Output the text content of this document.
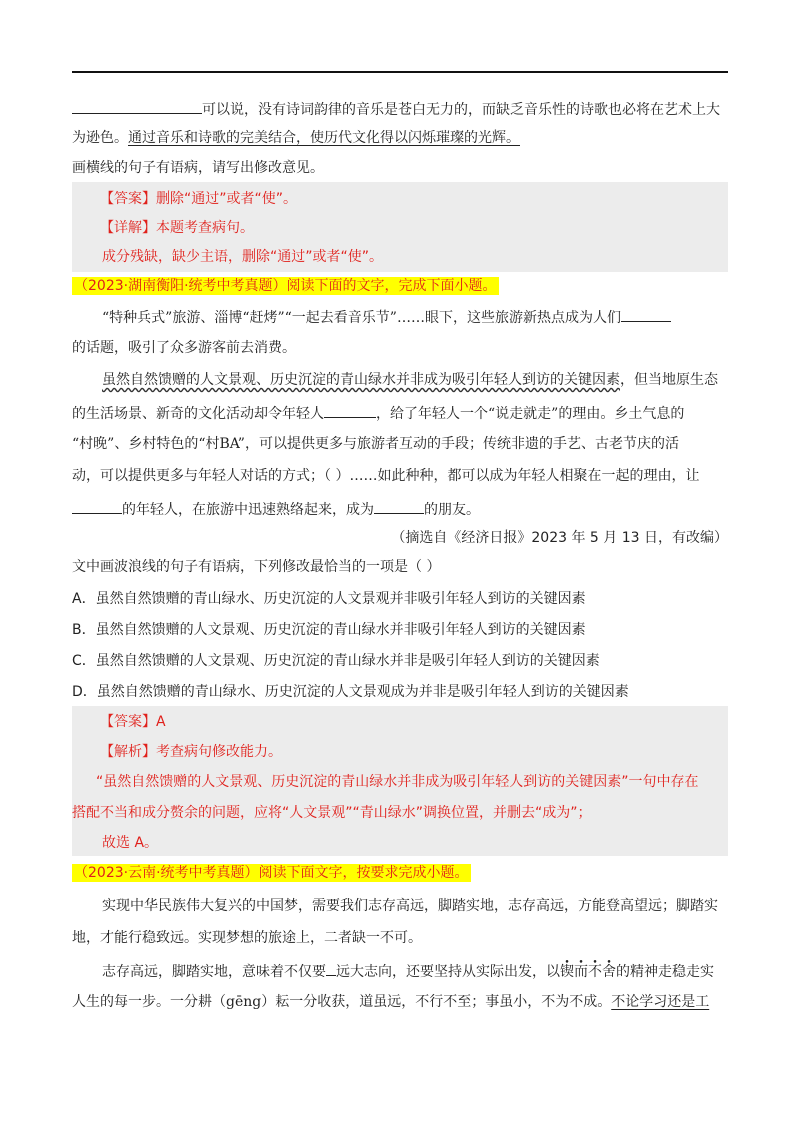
可以说，没有诗词韵律的音乐是苍白无力的，而缺乏音乐性的诗歌也必将在艺术上大
为逊色。通过音乐和诗歌的完美结合，使历代文化得以闪烁璀璨的光辉。
画横线的句子有语病，请写出修改意见。
【答案】删除“通过”或者“使”。
【详解】本题考查病句。
成分残缺，缺少主语，删除“通过”或者“使”。
（2023·湖南衡阳·统考中考真题）阅读下面的文字，完成下面小题。
“特种兵式”旅游、淄博“赶烤”“一起去看音乐节”……眼下，这些旅游新热点成为人们
的话题，吸引了众多游客前去消费。
虽然自然馈赠的人文景观、历史沉淀的青山绿水并非成为吸引年轻人到访的关键因素，但当地原生态
的生活场景、新奇的文化活动却令年轻人	，给了年轻人一个“说走就走”的理由。乡土气息的
“村晚”、乡村特色的“村BA”，可以提供更多与旅游者互动的手段；传统非遗的手艺、古老节庆的活
动，可以提供更多与年轻人对话的方式；（ ）……如此种种，都可以成为年轻人相聚在一起的理由，让
的年轻人，在旅游中迅速熟络起来，成为	的朋友。
（摘选自《经济日报》2023 年 5 月 13 日，有改编）
文中画波浪线的句子有语病，下列修改最恰当的一项是（ ）
A．虽然自然馈赠的青山绿水、历史沉淀的人文景观并非吸引年轻人到访的关键因素
B．虽然自然馈赠的人文景观、历史沉淀的青山绿水并非吸引年轻人到访的关键因素
C．虽然自然馈赠的人文景观、历史沉淀的青山绿水并非是吸引年轻人到访的关键因素
D．虽然自然馈赠的青山绿水、历史沉淀的人文景观成为并非是吸引年轻人到访的关键因素
【答案】A
【解析】考查病句修改能力。
“虽然自然馈赠的人文景观、历史沉淀的青山绿水并非成为吸引年轻人到访的关键因素”一句中存在
搭配不当和成分赘余的问题，应将“人文景观”“青山绿水”调换位置，并删去“成为”；
故选 A。
（2023·云南·统考中考真题）阅读下面文字，按要求完成小题。
实现中华民族伟大复兴的中国梦，需要我们志存高远，脚踏实地，志存高远，方能登高望远；脚踏实
地，才能行稳致远。实现梦想的旅途上，二者缺一不可。
志存高远，脚踏实地，意味着不仅要 远大志向，还要坚持从实际出发，以锲而不舍的精神走稳走实
人生的每一步。一分耕（gēng）耘一分收获，道虽远，不行不至；事虽小，不为不成。不论学习还是工
